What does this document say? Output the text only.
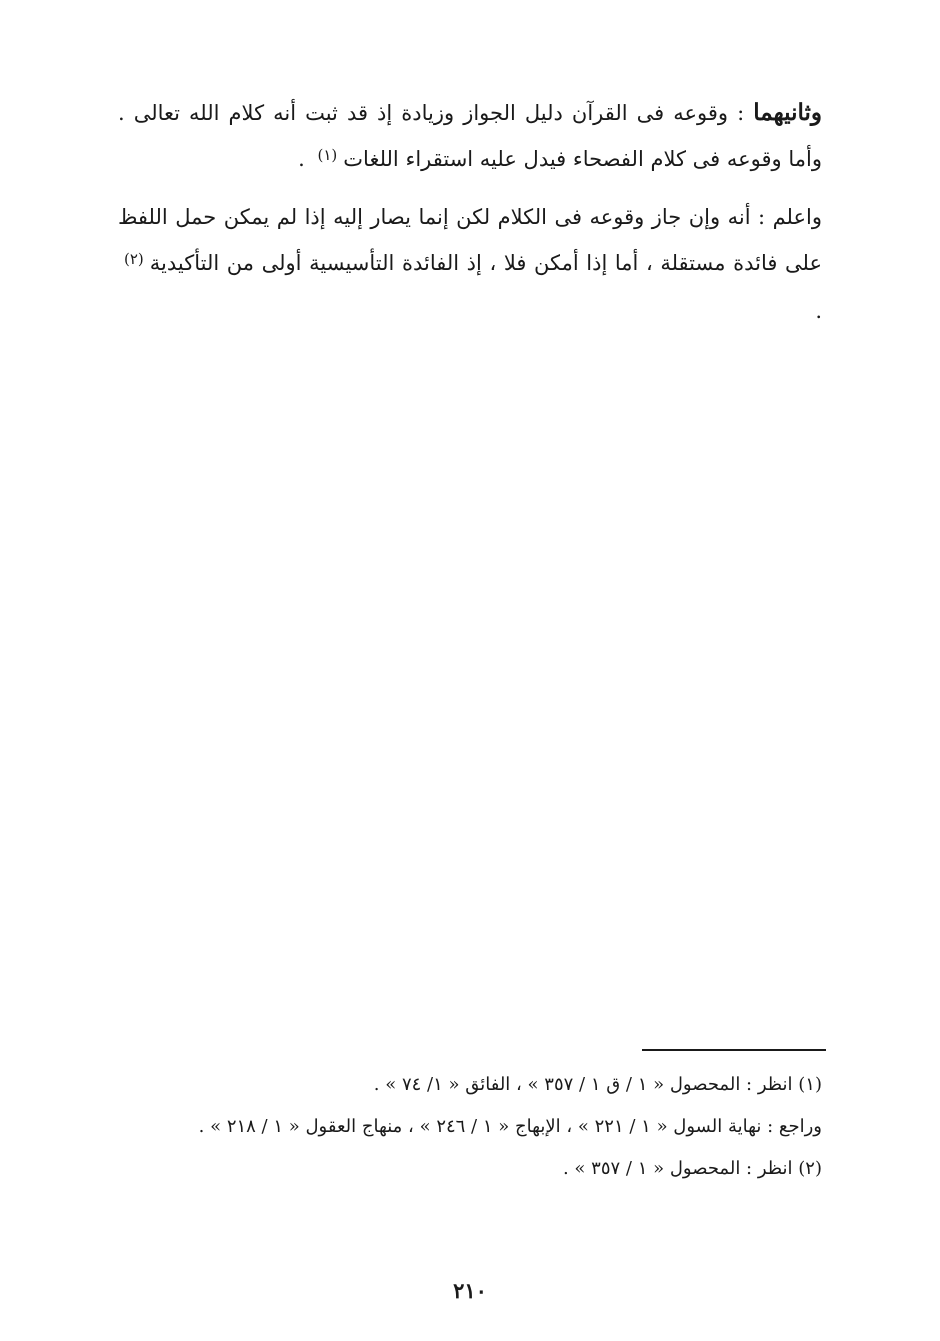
وثانيهما : وقوعه فى القرآن دليل الجواز وزيادة إذ قد ثبت أنه كلام الله تعالى . وأما وقوعه فى كلام الفصحاء فيدل عليه استقراء اللغات$^{(١)}$ .

واعلم : أنه وإن جاز وقوعه فى الكلام لكن إنما يصار إليه إذا لم يمكن حمل اللفظ على فائدة مستقلة ، أما إذا أمكن فلا ، إذ الفائدة التأسيسية أولى من التأكيدية$^{(٢)}$ .

(١) انظر : المحصول « ١ / ق ١ / ٣٥٧ » ، الفائق « ١/ ٧٤ » .

وراجع : نهاية السول « ١ / ٢٢١ » ، الإبهاج « ١ / ٢٤٦ » ، منهاج العقول « ١ / ٢١٨ » .

(٢) انظر : المحصول « ١ / ٣٥٧ » .

٢١٠
